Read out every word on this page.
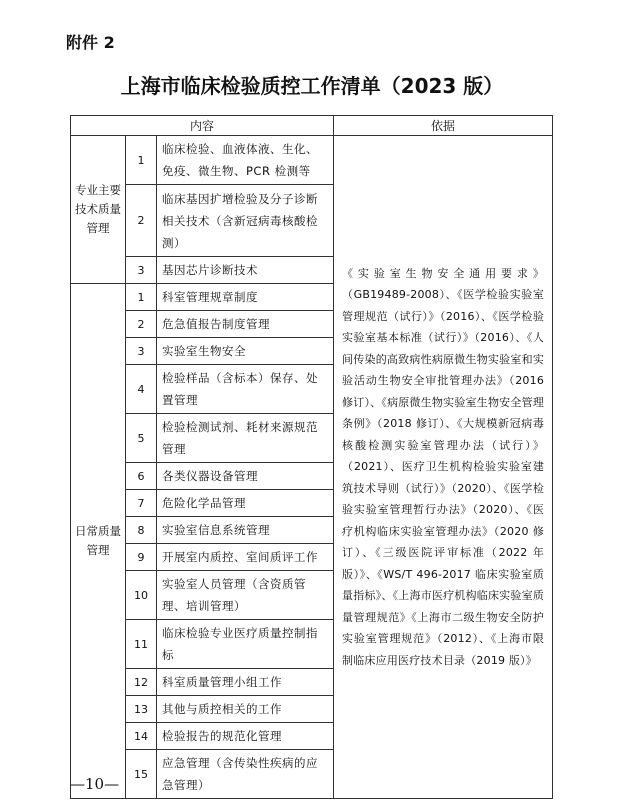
附件 2
上海市临床检验质控工作清单（2023 版）
内容			依据
专业主要技术质量管理	1	临床检验、血液体液、生化、免疫、微生物、PCR 检测等	《实验室生物安全通用要求》（GB19489-2008）、《医学检验实验室管理规范（试行）》（2016）、《医学检验实验室基本标准（试行）》（2016）、《人间传染的高致病性病原微生物实验室和实验活动生物安全审批管理办法》（2016 修订）、《病原微生物实验室生物安全管理条例》（2018 修订）、《大规模新冠病毒核酸检测实验室管理办法（试行）》（2021）、医疗卫生机构检验实验室建筑技术导则（试行）》（2020）、《医学检验实验室管理暂行办法》（2020）、《医疗机构临床实验室管理办法》（2020 修订）、《三级医院评审标准（2022 年版）》、《WS/T 496-2017 临床实验室质量指标》、《上海市医疗机构临床实验室质量管理规范》《上海市二级生物安全防护实验室管理规范》（2012）、《上海市限制临床应用医疗技术目录（2019 版）》
	2	临床基因扩增检验及分子诊断相关技术（含新冠病毒核酸检测）	
	3	基因芯片诊断技术	
日常质量管理	1	科室管理规章制度	
	2	危急值报告制度管理	
	3	实验室生物安全	
	4	检验样品（含标本）保存、处置管理	
	5	检验检测试剂、耗材来源规范管理	
	6	各类仪器设备管理	
	7	危险化学品管理	
	8	实验室信息系统管理	
	9	开展室内质控、室间质评工作	
	10	实验室人员管理（含资质管理、培训管理）	
	11	临床检验专业医疗质量控制指标	
	12	科室质量管理小组工作	
	13	其他与质控相关的工作	
	14	检验报告的规范化管理	
	15	应急管理（含传染性疾病的应急管理）	
—10—
